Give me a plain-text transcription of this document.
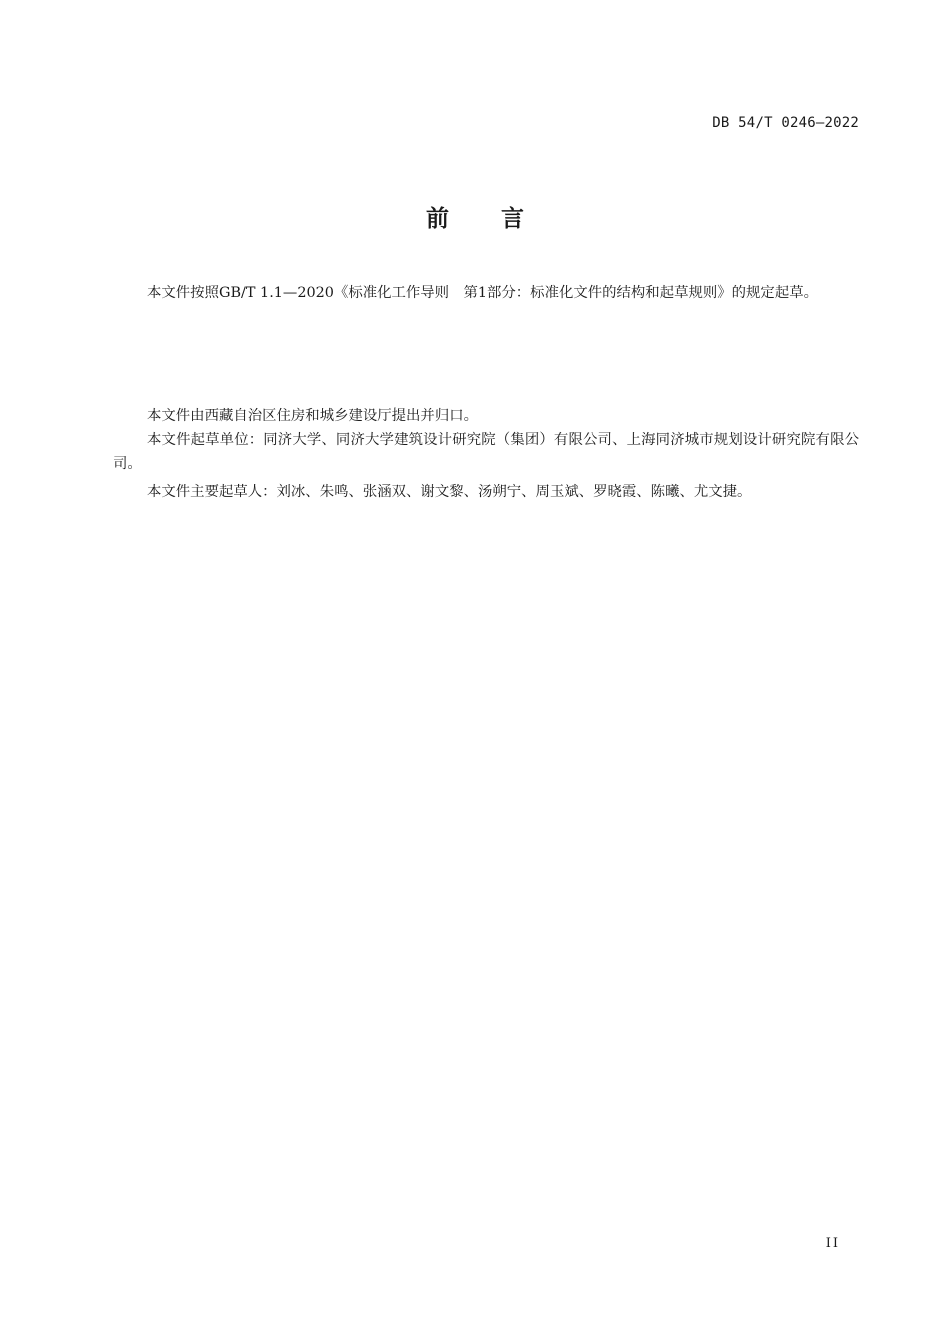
DB 54/T 0246—2022
前言

本文件按照GB/T 1.1—2020《标准化工作导则　第1部分：标准化文件的结构和起草规则》的规定起草。

本文件由西藏自治区住房和城乡建设厅提出并归口。

本文件起草单位：同济大学、同济大学建筑设计研究院（集团）有限公司、上海同济城市规划设计研究院有限公司。

本文件主要起草人：刘冰、朱鸣、张涵双、谢文黎、汤朔宁、周玉斌、罗晓霞、陈曦、尤文捷。

II
